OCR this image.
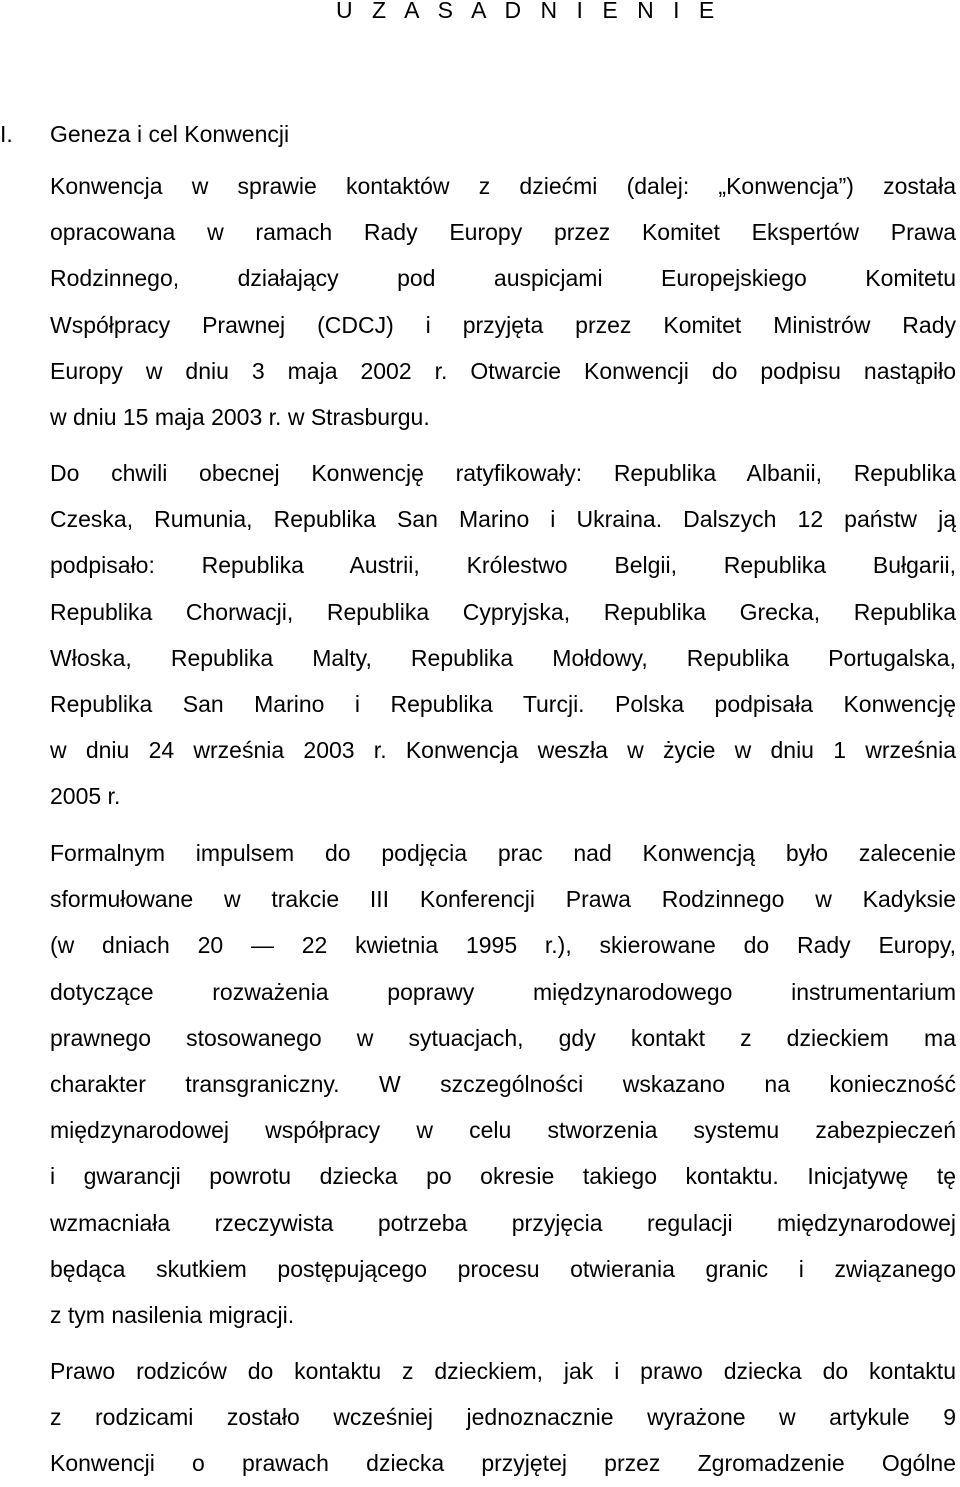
U Z A S A D N I E N I E
I. Geneza i cel Konwencji
Konwencja w sprawie kontaktów z dziećmi (dalej: „Konwencja”) została
opracowana w ramach Rady Europy przez Komitet Ekspertów Prawa
Rodzinnego, działający pod auspicjami Europejskiego Komitetu
Współpracy Prawnej (CDCJ) i przyjęta przez Komitet Ministrów Rady
Europy w dniu 3 maja 2002 r. Otwarcie Konwencji do podpisu nastąpiło
w dniu 15 maja 2003 r. w Strasburgu.
Do chwili obecnej Konwencję ratyfikowały: Republika Albanii, Republika
Czeska, Rumunia, Republika San Marino i Ukraina. Dalszych 12 państw ją
podpisało: Republika Austrii, Królestwo Belgii, Republika Bułgarii,
Republika Chorwacji, Republika Cypryjska, Republika Grecka, Republika
Włoska, Republika Malty, Republika Mołdowy, Republika Portugalska,
Republika San Marino i Republika Turcji. Polska podpisała Konwencję
w dniu 24 września 2003 r. Konwencja weszła w życie w dniu 1 września
2005 r.
Formalnym impulsem do podjęcia prac nad Konwencją było zalecenie
sformułowane w trakcie III Konferencji Prawa Rodzinnego w Kadyksie
(w dniach 20 — 22 kwietnia 1995 r.), skierowane do Rady Europy,
dotyczące rozważenia poprawy międzynarodowego instrumentarium
prawnego stosowanego w sytuacjach, gdy kontakt z dzieckiem ma
charakter transgraniczny. W szczególności wskazano na konieczność
międzynarodowej współpracy w celu stworzenia systemu zabezpieczeń
i gwarancji powrotu dziecka po okresie takiego kontaktu. Inicjatywę tę
wzmacniała rzeczywista potrzeba przyjęcia regulacji międzynarodowej
będąca skutkiem postępującego procesu otwierania granic i związanego
z tym nasilenia migracji.
Prawo rodziców do kontaktu z dzieckiem, jak i prawo dziecka do kontaktu
z rodzicami zostało wcześniej jednoznacznie wyrażone w artykule 9
Konwencji o prawach dziecka przyjętej przez Zgromadzenie Ogólne
